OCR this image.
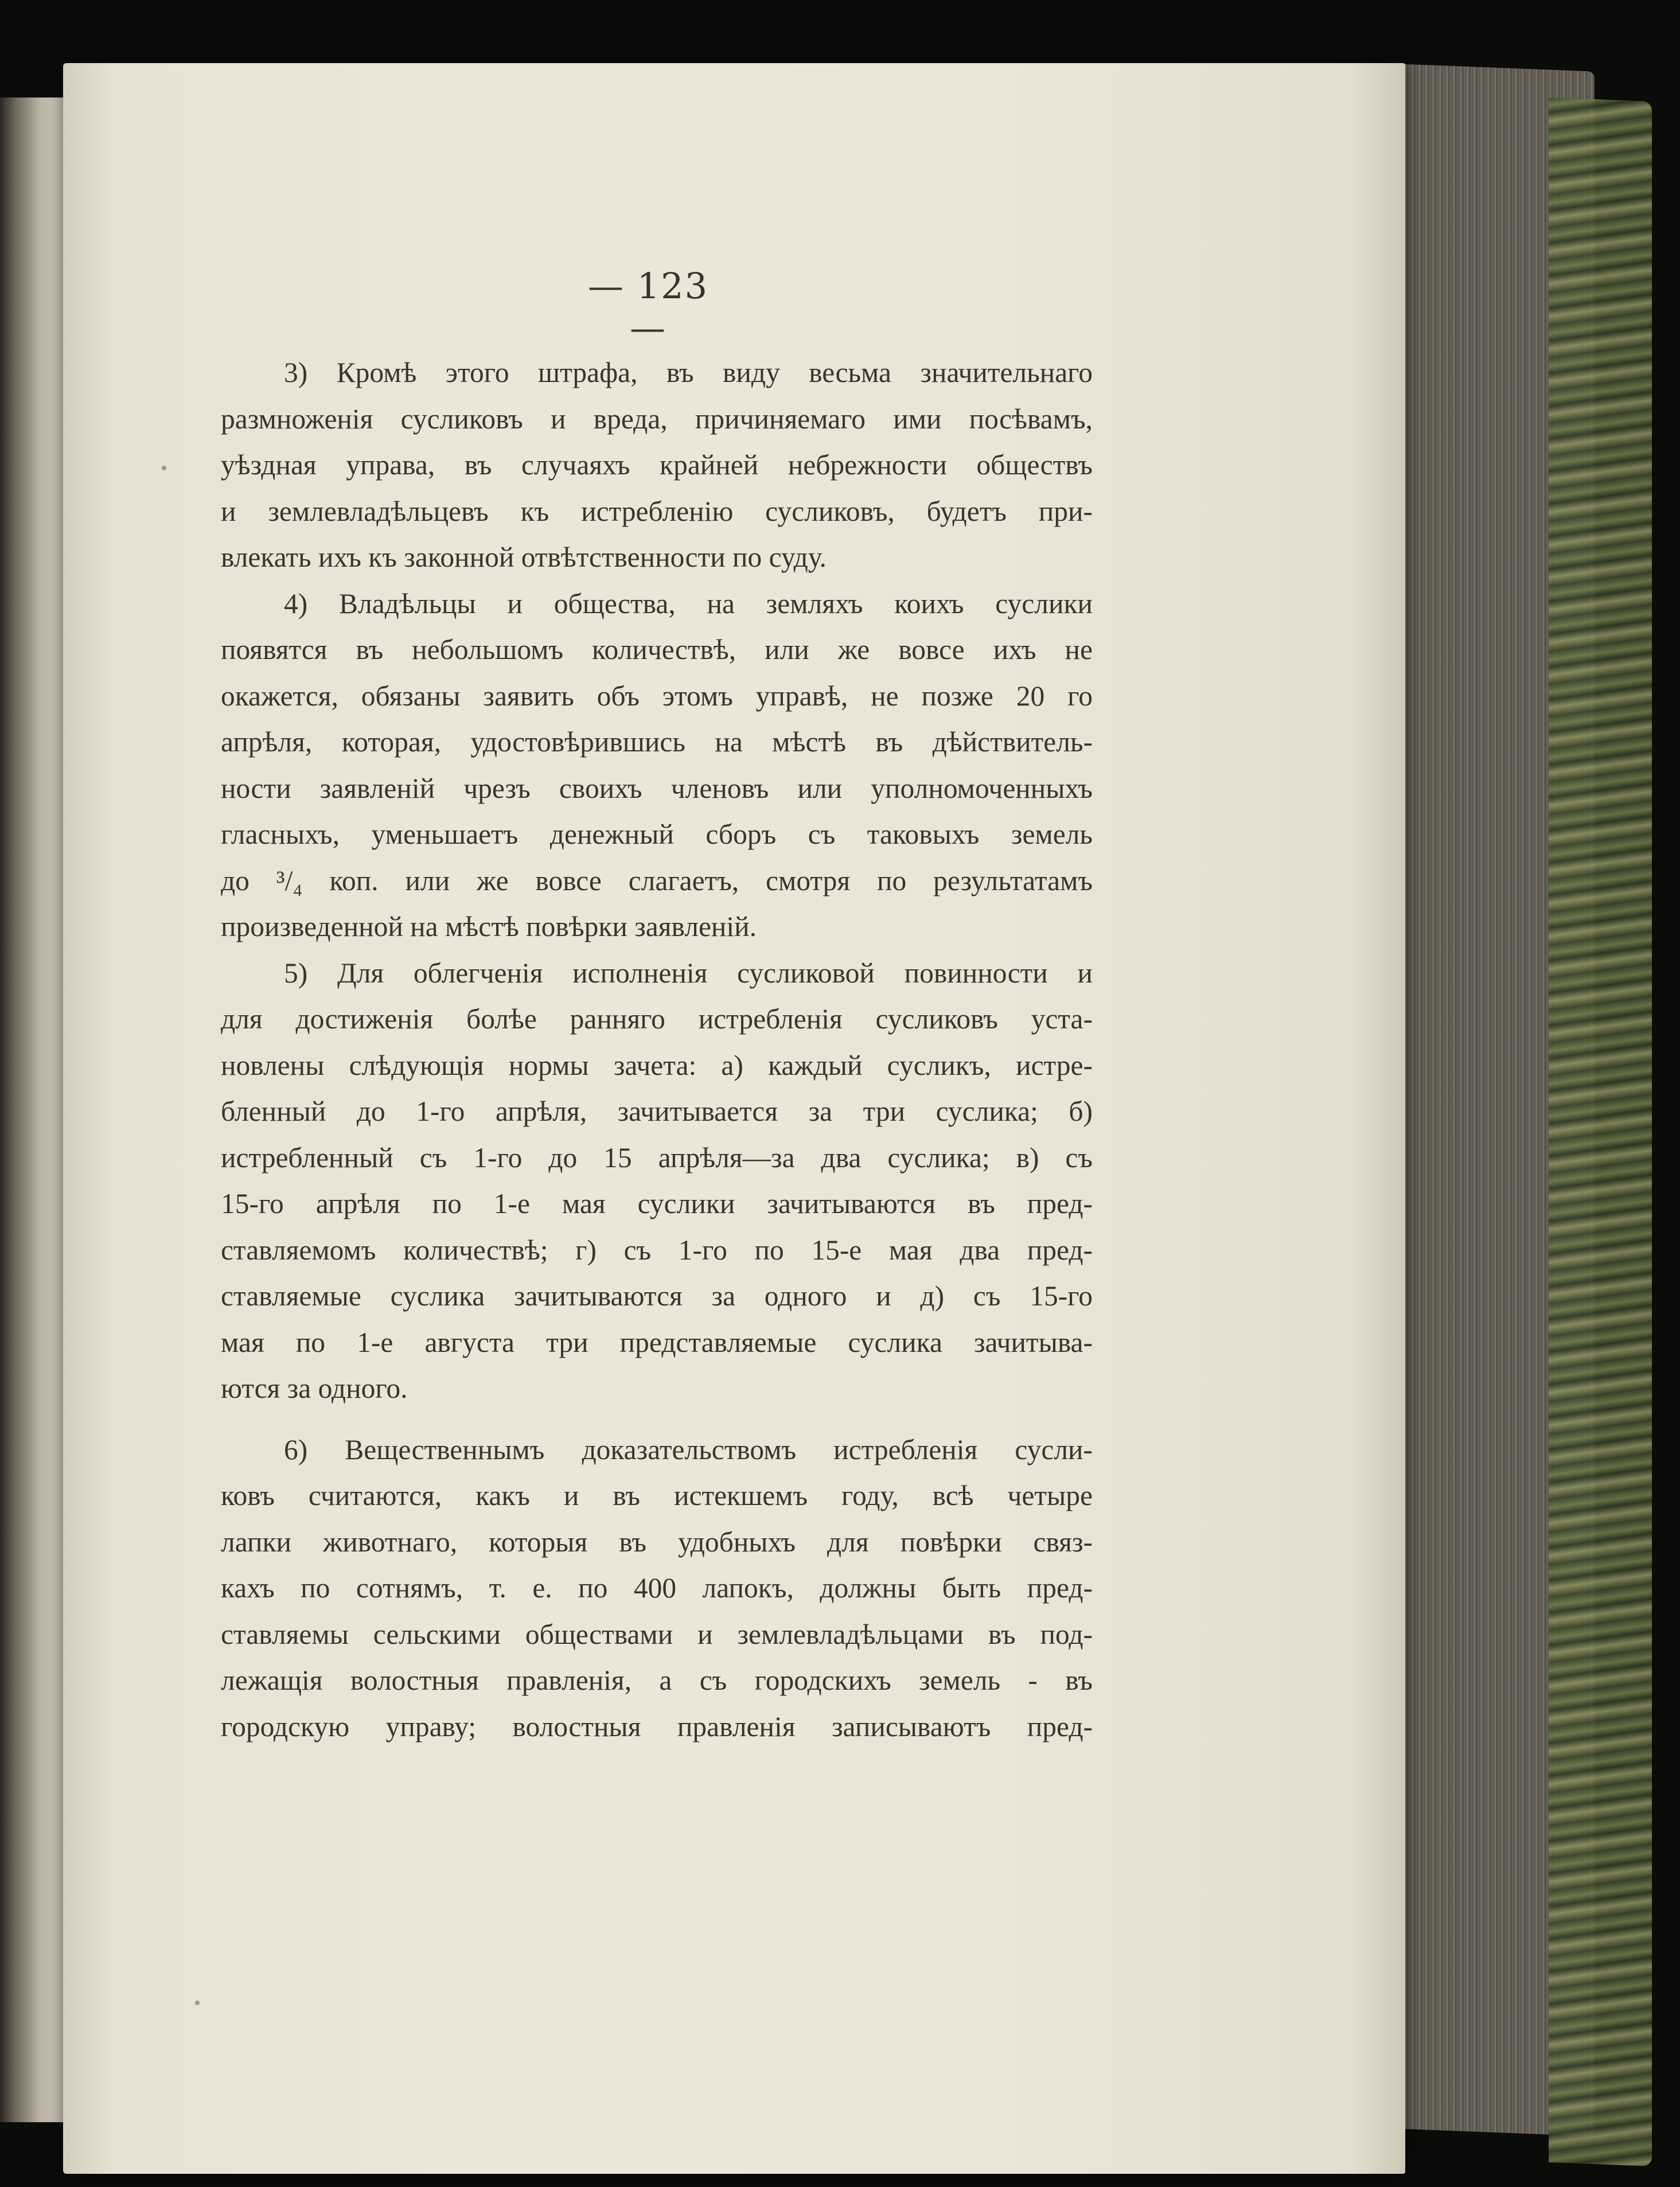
— 123 —
3) Кромѣ этого штрафа, въ виду весьма значительнаго
размноженія сусликовъ и вреда, причиняемаго ими посѣвамъ,
уѣздная управа, въ случаяхъ крайней небрежности обществъ
и землевладѣльцевъ къ истребленію сусликовъ, будетъ при-
влекать ихъ къ законной отвѣтственности по суду.
4) Владѣльцы и общества, на земляхъ коихъ суслики
появятся въ небольшомъ количествѣ, или же вовсе ихъ не
окажется, обязаны заявить объ этомъ управѣ, не позже 20 го
апрѣля, которая, удостовѣрившись на мѣстѣ въ дѣйствитель-
ности заявленій чрезъ своихъ членовъ или уполномоченныхъ
гласныхъ, уменьшаетъ денежный сборъ съ таковыхъ земель
до ³/₄ коп. или же вовсе слагаетъ, смотря по результатамъ
произведенной на мѣстѣ повѣрки заявленій.
5) Для облегченія исполненія сусликовой повинности и
для достиженія болѣе ранняго истребленія сусликовъ уста-
новлены слѣдующія нормы зачета: а) каждый сусликъ, истре-
бленный до 1-го апрѣля, зачитывается за три суслика; б)
истребленный съ 1-го до 15 апрѣля—за два суслика; в) съ
15-го апрѣля по 1-е мая суслики зачитываются въ пред-
ставляемомъ количествѣ; г) съ 1-го по 15-е мая два пред-
ставляемые суслика зачитываются за одного и д) съ 15-го
мая по 1-е августа три представляемые суслика зачитыва-
ются за одного.
6) Вещественнымъ доказательствомъ истребленія сусли-
ковъ считаются, какъ и въ истекшемъ году, всѣ четыре
лапки животнаго, которыя въ удобныхъ для повѣрки связ-
кахъ по сотнямъ, т. е. по 400 лапокъ, должны быть пред-
ставляемы сельскими обществами и землевладѣльцами въ под-
лежащія волостныя правленія, а съ городскихъ земель - въ
городскую управу; волостныя правленія записываютъ пред-
